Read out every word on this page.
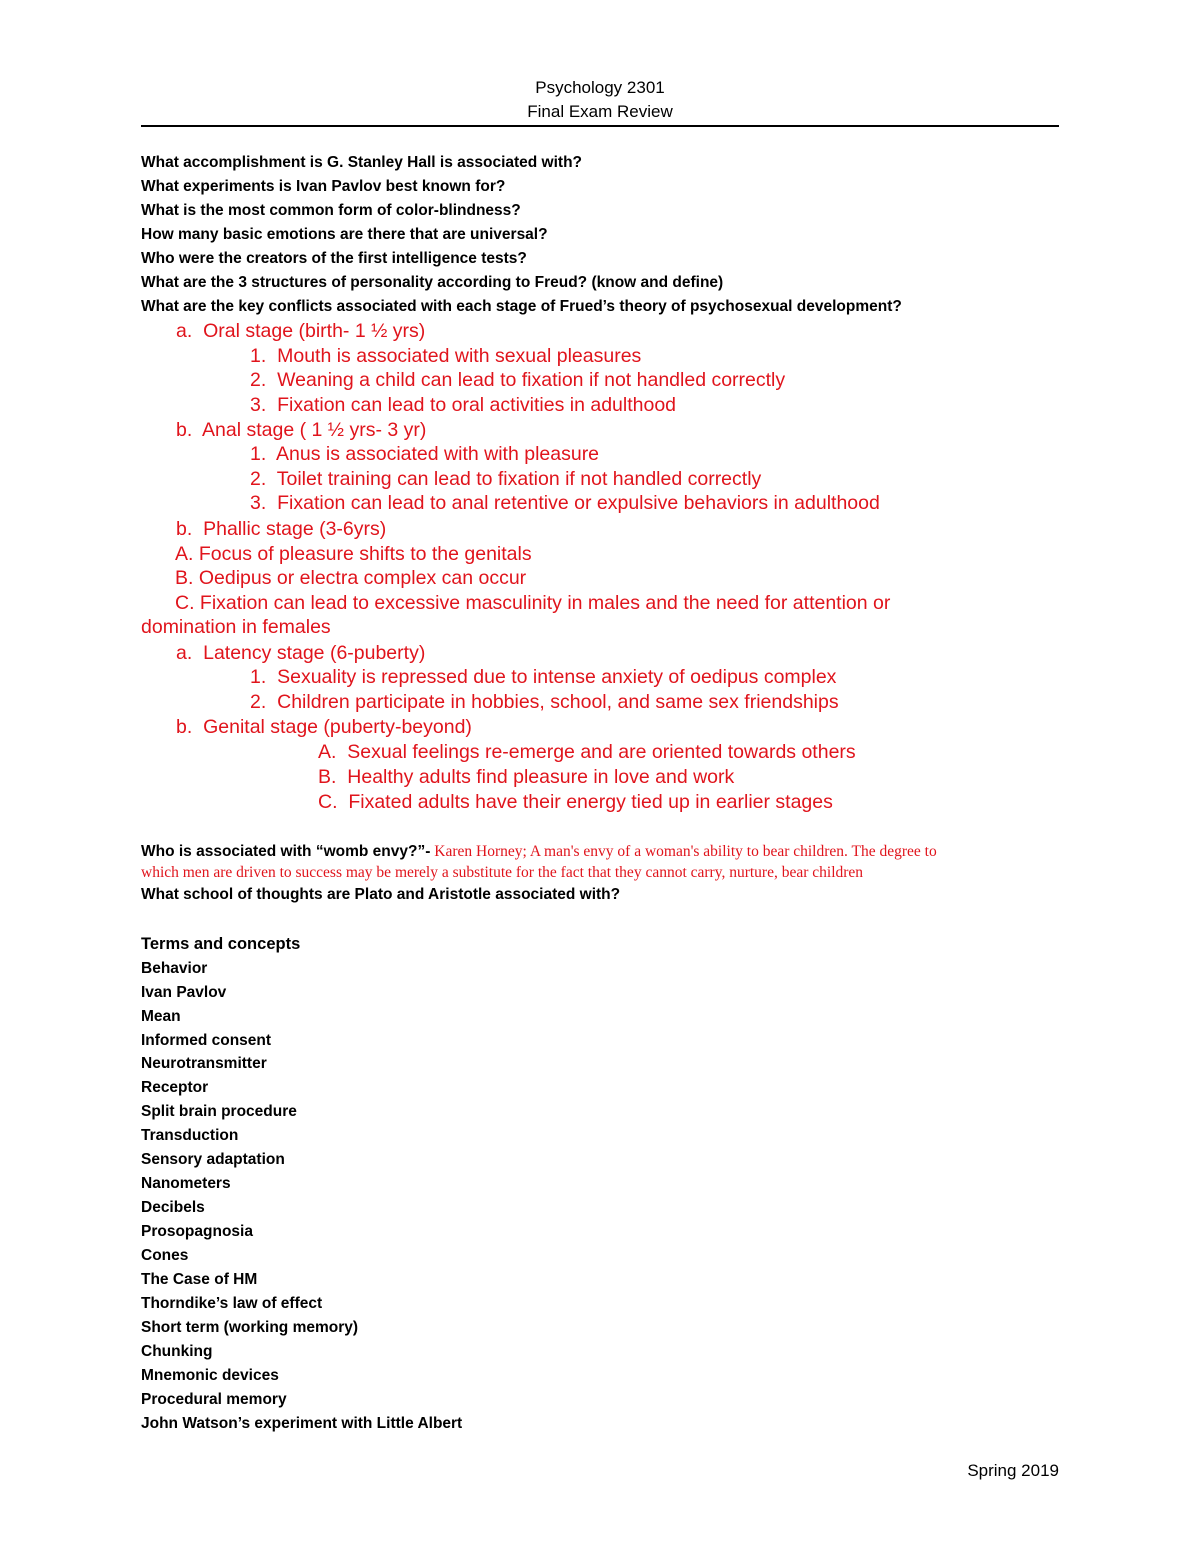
Psychology 2301
Final Exam Review
What accomplishment is G. Stanley Hall is associated with?
What experiments is Ivan Pavlov best known for?
What is the most common form of color-blindness?
How many basic emotions are there that are universal?
Who were the creators of the first intelligence tests?
What are the 3 structures of personality according to Freud? (know and define)
What are the key conflicts associated with each stage of Frued’s theory of psychosexual development?
a. Oral stage (birth- 1 ½ yrs)
1. Mouth is associated with sexual pleasures
2. Weaning a child can lead to fixation if not handled correctly
3. Fixation can lead to oral activities in adulthood
b. Anal stage ( 1 ½ yrs- 3 yr)
1. Anus is associated with with pleasure
2. Toilet training can lead to fixation if not handled correctly
3. Fixation can lead to anal retentive or expulsive behaviors in adulthood
b. Phallic stage (3-6yrs)
A. Focus of pleasure shifts to the genitals
B. Oedipus or electra complex can occur
C. Fixation can lead to excessive masculinity in males and the need for attention or
domination in females
a. Latency stage (6-puberty)
1. Sexuality is repressed due to intense anxiety of oedipus complex
2. Children participate in hobbies, school, and same sex friendships
b. Genital stage (puberty-beyond)
A. Sexual feelings re-emerge and are oriented towards others
B. Healthy adults find pleasure in love and work
C. Fixated adults have their energy tied up in earlier stages
Who is associated with “womb envy?”- Karen Horney; A man's envy of a woman's ability to bear children. The degree to
which men are driven to success may be merely a substitute for the fact that they cannot carry, nurture, bear children
What school of thoughts are Plato and Aristotle associated with?
Terms and concepts
Behavior
Ivan Pavlov
Mean
Informed consent
Neurotransmitter
Receptor
Split brain procedure
Transduction
Sensory adaptation
Nanometers
Decibels
Prosopagnosia
Cones
The Case of HM
Thorndike’s law of effect
Short term (working memory)
Chunking
Mnemonic devices
Procedural memory
John Watson’s experiment with Little Albert
Spring 2019
